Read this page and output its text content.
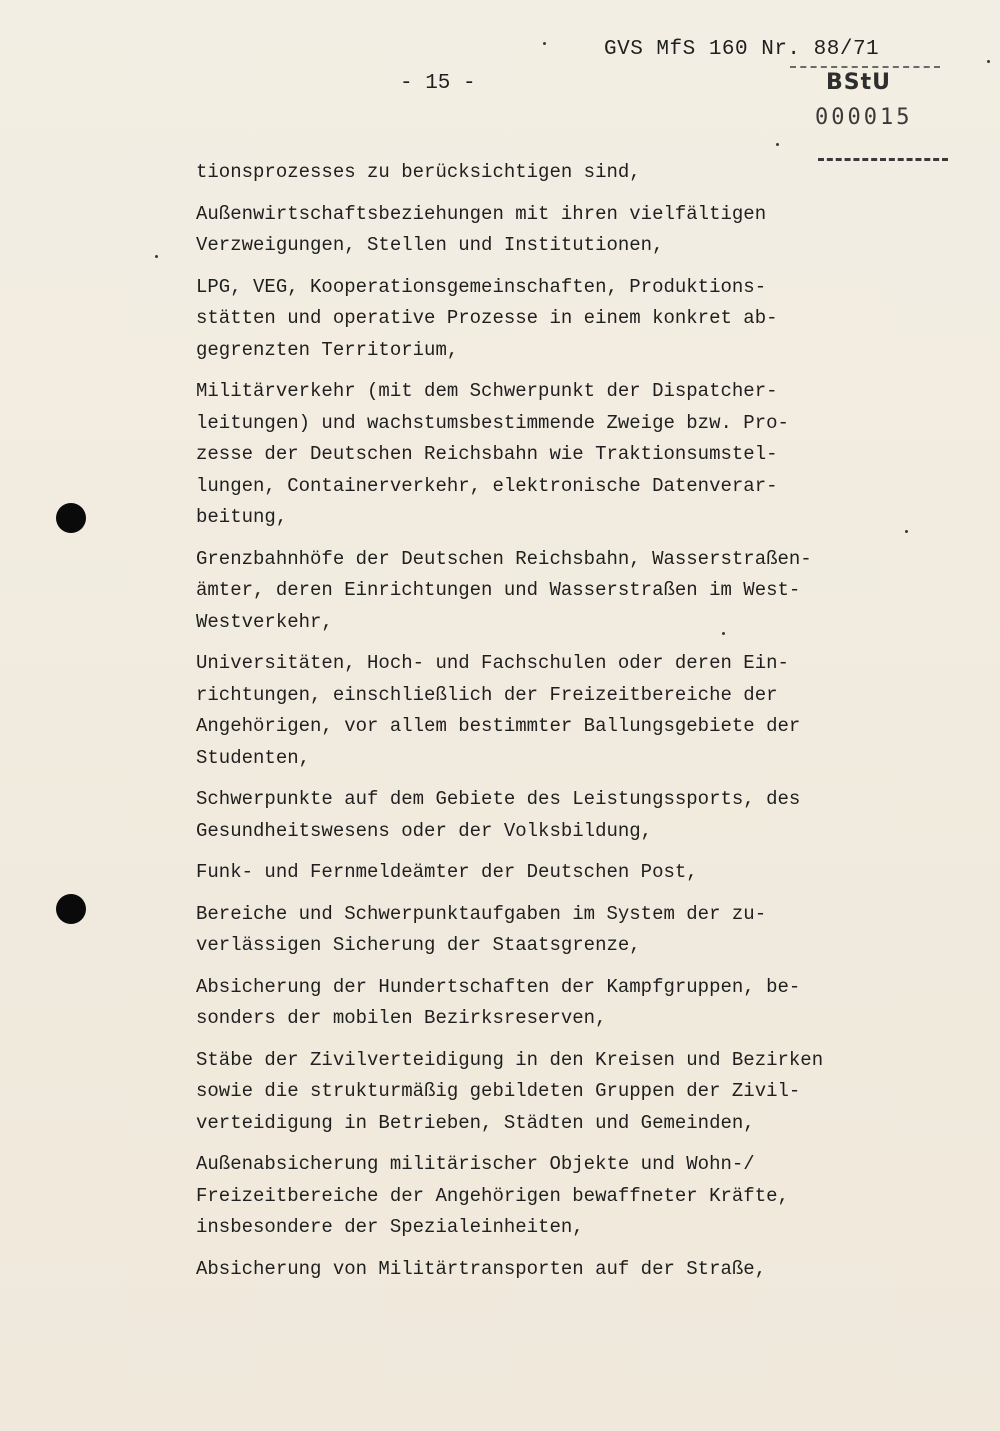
GVS MfS 160 Nr. 88/71
- 15 -	BStU
000015
tionsprozesses zu berücksichtigen sind,
Außenwirtschaftsbeziehungen mit ihren vielfältigen
Verzweigungen, Stellen und Institutionen,
LPG, VEG, Kooperationsgemeinschaften, Produktions-
stätten und operative Prozesse in einem konkret ab-
gegrenzten Territorium,
Militärverkehr (mit dem Schwerpunkt der Dispatcher-
leitungen) und wachstumsbestimmende Zweige bzw. Pro-
zesse der Deutschen Reichsbahn wie Traktionsumstel-
lungen, Containerverkehr, elektronische Datenverar-
beitung,
Grenzbahnhöfe der Deutschen Reichsbahn, Wasserstraßen-
ämter, deren Einrichtungen und Wasserstraßen im West-
Westverkehr,
Universitäten, Hoch- und Fachschulen oder deren Ein-
richtungen, einschließlich der Freizeitbereiche der
Angehörigen, vor allem bestimmter Ballungsgebiete der
Studenten,
Schwerpunkte auf dem Gebiete des Leistungssports, des
Gesundheitswesens oder der Volksbildung,
Funk- und Fernmeldeämter der Deutschen Post,
Bereiche und Schwerpunktaufgaben im System der zu-
verlässigen Sicherung der Staatsgrenze,
Absicherung der Hundertschaften der Kampfgruppen, be-
sonders der mobilen Bezirksreserven,
Stäbe der Zivilverteidigung in den Kreisen und Bezirken
sowie die strukturmäßig gebildeten Gruppen der Zivil-
verteidigung in Betrieben, Städten und Gemeinden,
Außenabsicherung militärischer Objekte und Wohn-/
Freizeitbereiche der Angehörigen bewaffneter Kräfte,
insbesondere der Spezialeinheiten,
Absicherung von Militärtransporten auf der Straße,
